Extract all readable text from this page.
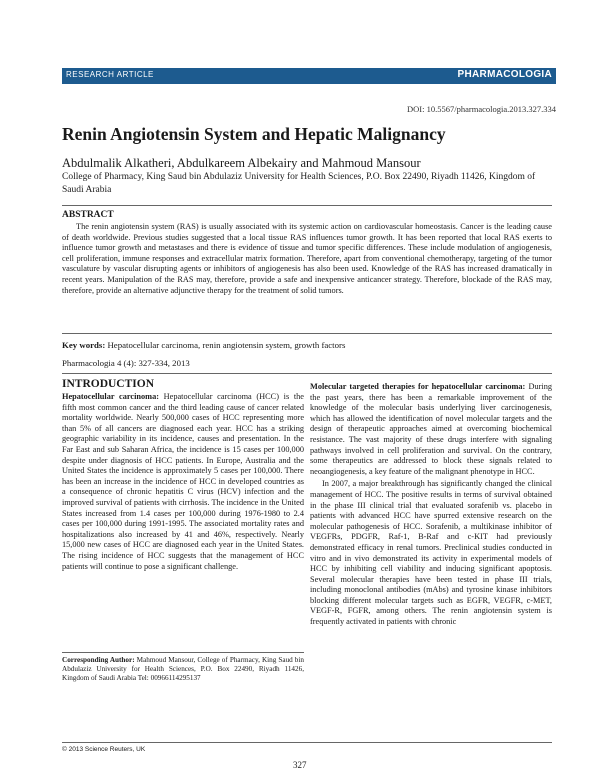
RESEARCH ARTICLE	PHARMACOLOGIA
DOI: 10.5567/pharmacologia.2013.327.334
Renin Angiotensin System and Hepatic Malignancy

Abdulmalik Alkatheri, Abdulkareem Albekairy and Mahmoud Mansour

College of Pharmacy, King Saud bin Abdulaziz University for Health Sciences, P.O. Box 22490, Riyadh 11426, Kingdom of Saudi Arabia

ABSTRACT

The renin angiotensin system (RAS) is usually associated with its systemic action on cardiovascular homeostasis. Cancer is the leading cause of death worldwide. Previous studies suggested that a local tissue RAS influences tumor growth. It has been reported that local RAS exerts to influence tumor growth and metastases and there is evidence of tissue and tumor specific differences. These include modulation of angiogenesis, cell proliferation, immune responses and extracellular matrix formation. Therefore, apart from conventional chemotherapy, targeting of the tumor vasculature by vascular disrupting agents or inhibitors of angiogenesis has also been used. Knowledge of the RAS has increased dramatically in recent years. Manipulation of the RAS may, therefore, provide a safe and inexpensive anticancer strategy. Therefore, blockade of the RAS may, therefore, provide an alternative adjunctive therapy for the treatment of solid tumors.

Key words: Hepatocellular carcinoma, renin angiotensin system, growth factors

Pharmacologia 4 (4): 327-334, 2013

INTRODUCTION

Hepatocellular carcinoma: Hepatocellular carcinoma (HCC) is the fifth most common cancer and the third leading cause of cancer related mortality worldwide. Nearly 500,000 cases of HCC representing more than 5% of all cancers are diagnosed each year. HCC has a striking geographic variability in its incidence, causes and presentation. In the Far East and sub Saharan Africa, the incidence is 15 cases per 100,000 despite under diagnosis of HCC patients. In Europe, Australia and the United States the incidence is approximately 5 cases per 100,000. There has been an increase in the incidence of HCC in developed countries as a consequence of chronic hepatitis C virus (HCV) infection and the improved survival of patients with cirrhosis. The incidence in the United States increased from 1.4 cases per 100,000 during 1976-1980 to 2.4 cases per 100,000 during 1991-1995. The associated mortality rates and hospitalizations also increased by 41 and 46%, respectively. Nearly 15,000 new cases of HCC are diagnosed each year in the United States. The rising incidence of HCC suggests that the management of HCC patients will continue to pose a significant challenge.

Molecular targeted therapies for hepatocellular carcinoma: During the past years, there has been a remarkable improvement of the knowledge of the molecular basis underlying liver carcinogenesis, which has allowed the identification of novel molecular targets and the design of therapeutic approaches aimed at overcoming biochemical resistance. The vast majority of these drugs interfere with signaling pathways involved in cell proliferation and survival. On the contrary, some therapeutics are addressed to block these signals related to neoangiogenesis, a key feature of the malignant phenotype in HCC.

In 2007, a major breakthrough has significantly changed the clinical management of HCC. The positive results in terms of survival obtained in the phase III clinical trial that evaluated sorafenib vs. placebo in patients with advanced HCC have spurred extensive research on the molecular pathogenesis of HCC. Sorafenib, a multikinase inhibitor of VEGFRs, PDGFR, Raf-1, B-Raf and c-KIT had previously demonstrated efficacy in renal tumors. Preclinical studies conducted in vitro and in vivo demonstrated its activity in experimental models of HCC by inhibiting cell viability and inducing significant apoptosis. Several molecular therapies have been tested in phase III trials, including monoclonal antibodies (mAbs) and tyrosine kinase inhibitors blocking different molecular targets such as EGFR, VEGFR, c-MET, VEGF-R, FGFR, among others. The renin angiotensin system is frequently activated in patients with chronic

Corresponding Author: Mahmoud Mansour, College of Pharmacy, King Saud bin Abdulaziz University for Health Sciences, P.O. Box 22490, Riyadh 11426, Kingdom of Saudi Arabia Tel: 00966114295137

© 2013 Science Reuters, UK

327
